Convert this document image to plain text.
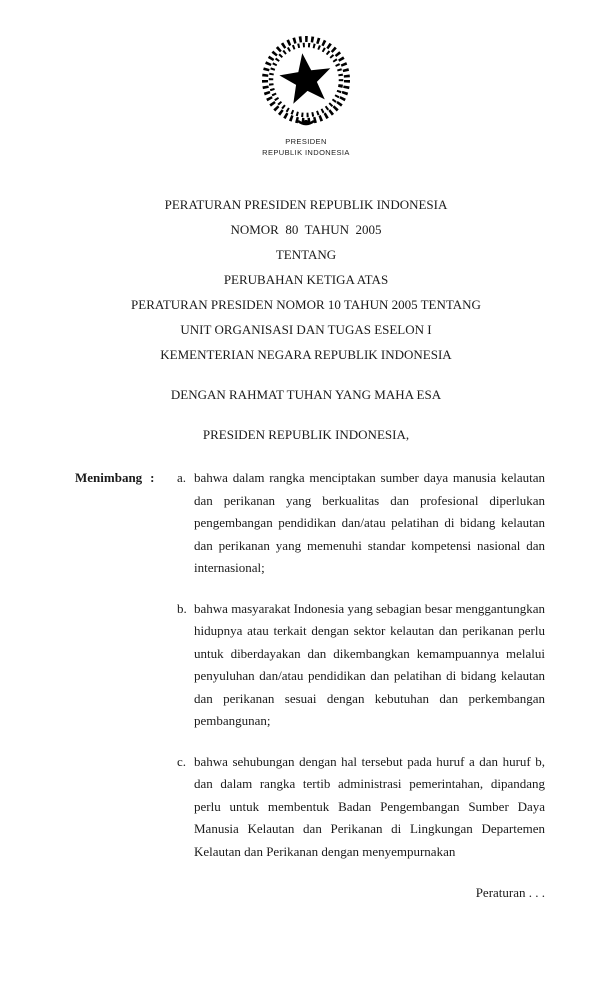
PRESIDEN
REPUBLIK INDONESIA
PERATURAN PRESIDEN REPUBLIK INDONESIA
NOMOR  80  TAHUN  2005
TENTANG
PERUBAHAN KETIGA ATAS
PERATURAN PRESIDEN NOMOR 10 TAHUN 2005 TENTANG
UNIT ORGANISASI DAN TUGAS ESELON I
KEMENTERIAN NEGARA REPUBLIK INDONESIA
DENGAN RAHMAT TUHAN YANG MAHA ESA
PRESIDEN REPUBLIK INDONESIA,
Menimbang :	a. bahwa dalam rangka menciptakan sumber daya manusia kelautan dan perikanan yang berkualitas dan profesional diperlukan pengembangan pendidikan dan/atau pelatihan di bidang kelautan dan perikanan yang memenuhi standar kompetensi nasional dan internasional;
b. bahwa masyarakat Indonesia yang sebagian besar menggantungkan hidupnya atau terkait dengan sektor kelautan dan perikanan perlu untuk diberdayakan dan dikembangkan kemampuannya melalui penyuluhan dan/atau pendidikan dan pelatihan di bidang kelautan dan perikanan sesuai dengan kebutuhan dan perkembangan pembangunan;
c. bahwa sehubungan dengan hal tersebut pada huruf a dan huruf b, dan dalam rangka tertib administrasi pemerintahan, dipandang perlu untuk membentuk Badan Pengembangan Sumber Daya Manusia Kelautan dan Perikanan di Lingkungan Departemen Kelautan dan Perikanan dengan menyempurnakan
Peraturan . . .
